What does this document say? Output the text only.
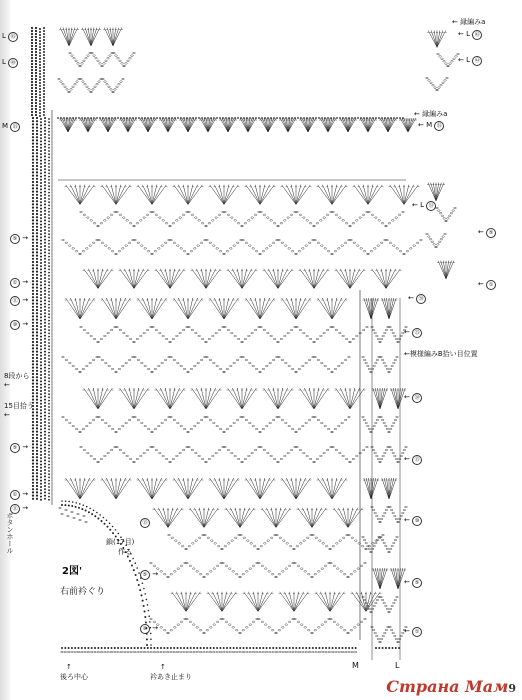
L ㊺
L ㊵
M ㉟
← 縁編みa
← L ㊺
← L ㊹
← 縁編みa
← M ㉟
← L ㉛
← ⑤
← ①
← ㉘
← ㉕
←模様編みB拾い目位置
← ⑳
← ⑮
← ⑩
← ⑤
← ①
⑤ →
① →
⑪ →
⑩ →
⑤ →
① →
⑪ →
8段から
←
15目拾う
←
ボタンホール	鎖(17目)
作る
2図'
右前衿ぐり
⑮
⑤ →
① →
↑
後ろ中心
↑
衿あき止まり
M	L
Страна Мам9
